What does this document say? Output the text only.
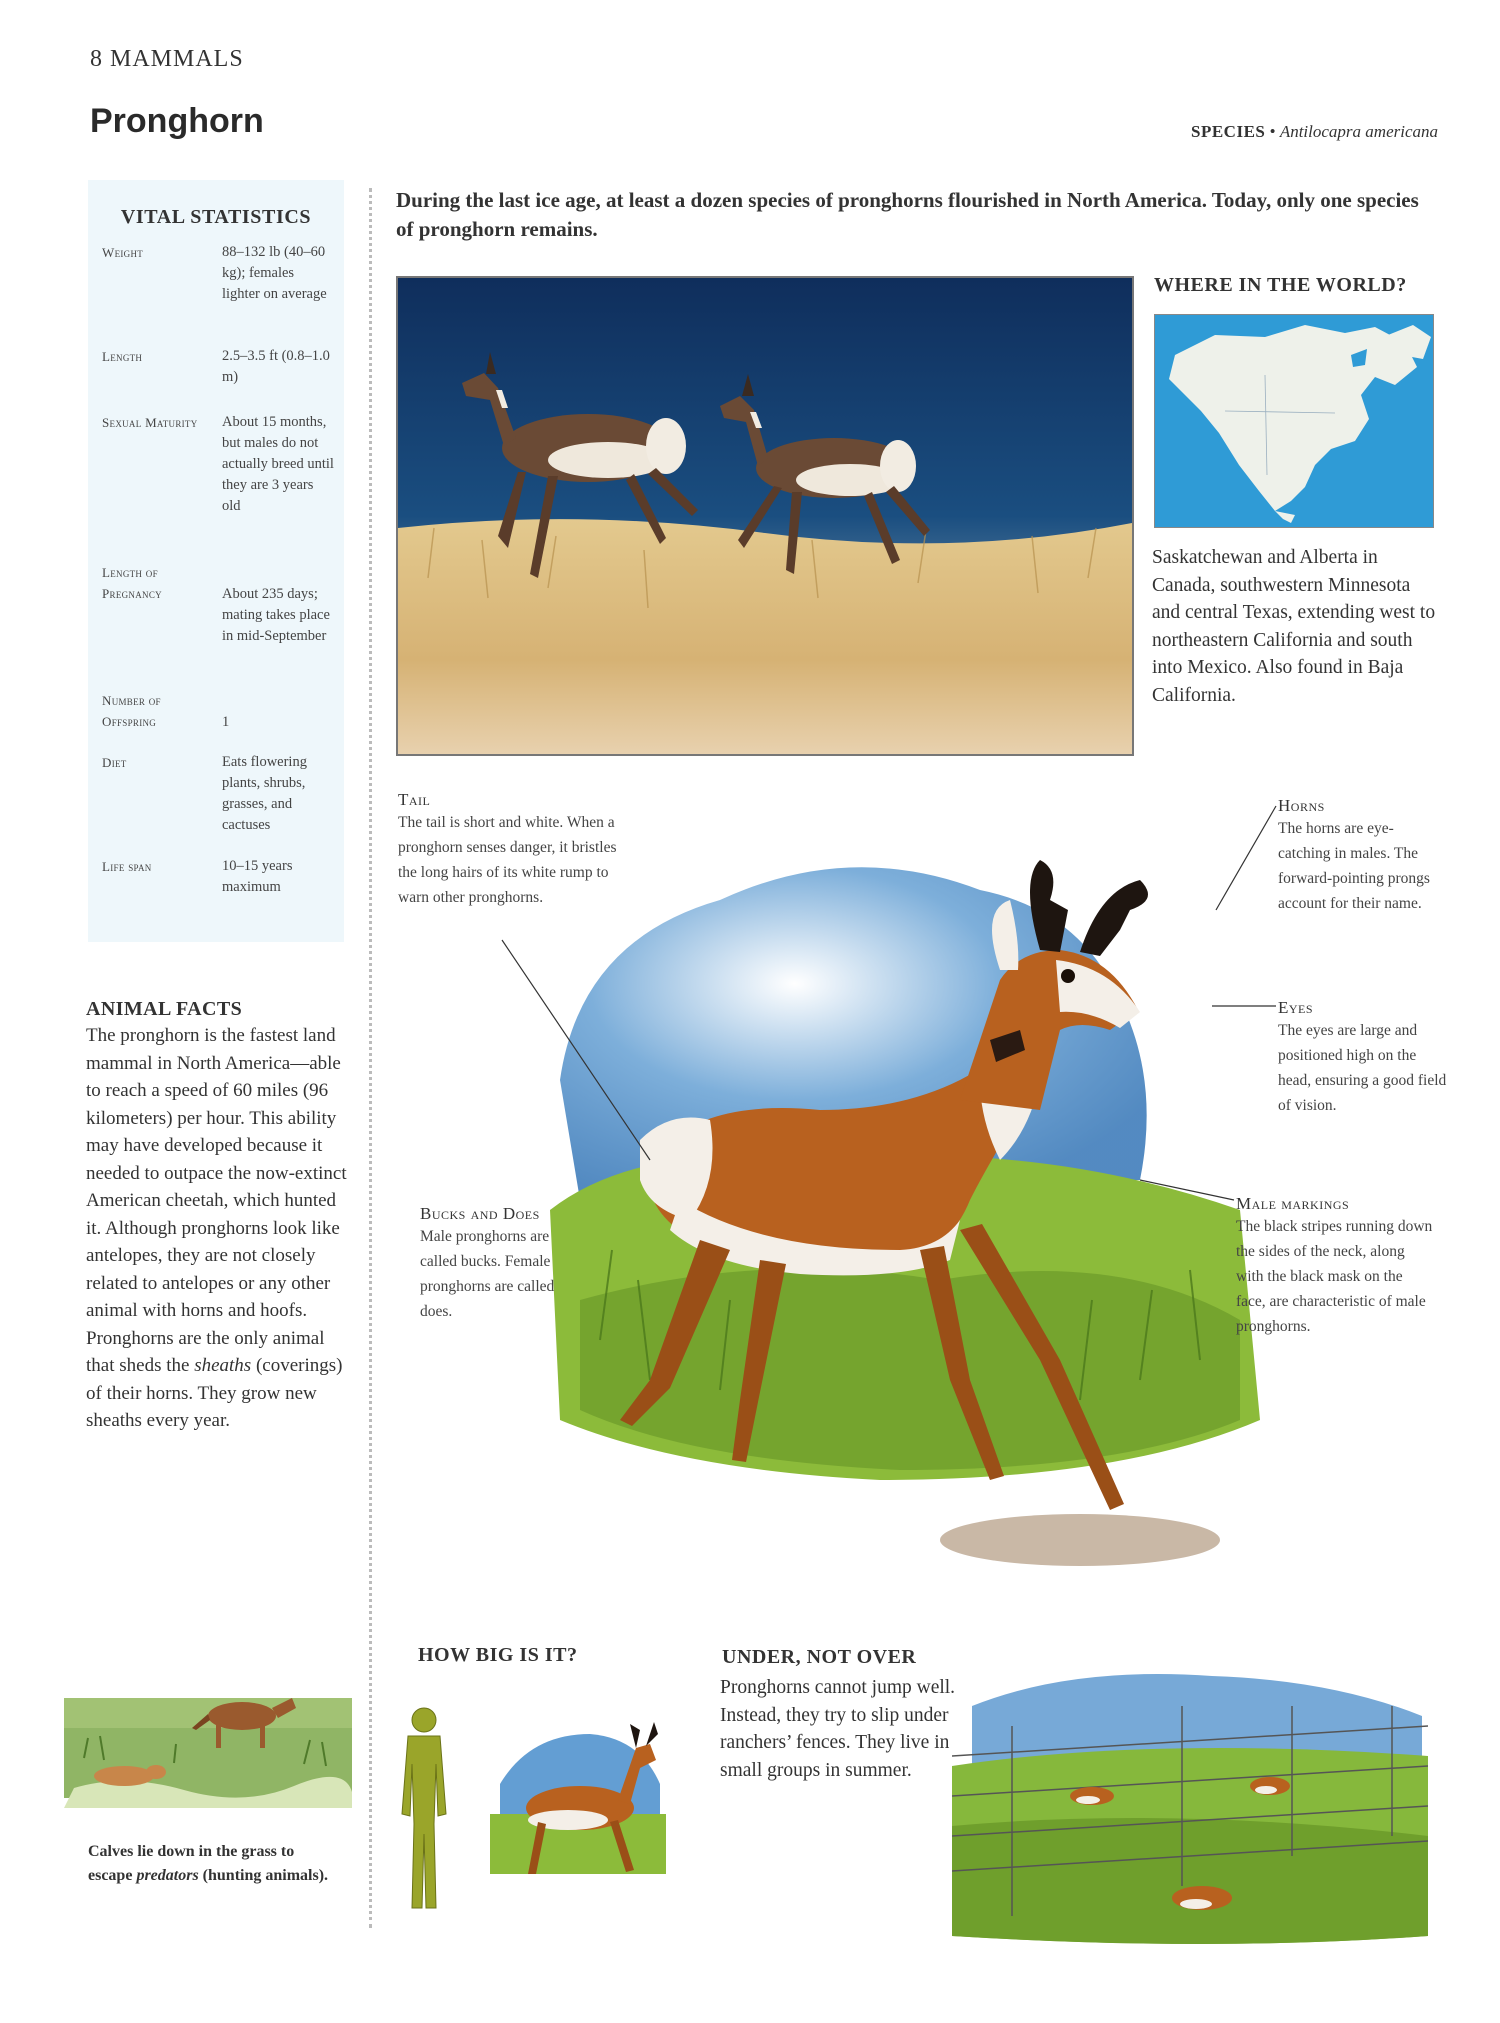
8 MAMMALS
Pronghorn	SPECIES • Antilocapra americana
VITAL STATISTICS
Weight	88–132 lb (40–60 kg); females lighter on average
Length	2.5–3.5 ft (0.8–1.0 m)
Sexual Maturity	About 15 months, but males do not actually breed until they are 3 years old
Length of Pregnancy	About 235 days; mating takes place in mid-September
Number of Offspring	1
Diet	Eats flowering plants, shrubs, grasses, and cactuses
Life span	10–15 years maximum
ANIMAL FACTS
The pronghorn is the fastest land mammal in North America—able to reach a speed of 60 miles (96 kilometers) per hour. This ability may have developed because it needed to outpace the now-extinct American cheetah, which hunted it. Although pronghorns look like antelopes, they are not closely related to antelopes or any other animal with horns and hoofs. Pronghorns are the only animal that sheds the sheaths (coverings) of their horns. They grow new sheaths every year.
Calves lie down in the grass to escape predators (hunting animals).
During the last ice age, at least a dozen species of pronghorns flourished in North America. Today, only one species of pronghorn remains.
WHERE IN THE WORLD?
Saskatchewan and Alberta in Canada, southwestern Minnesota and central Texas, extending west to northeastern California and south into Mexico. Also found in Baja California.
Tail
The tail is short and white. When a pronghorn senses danger, it bristles the long hairs of its white rump to warn other pronghorns.
Horns
The horns are eye-catching in males. The forward-pointing prongs account for their name.
Eyes
The eyes are large and positioned high on the head, ensuring a good field of vision.
Male markings
The black stripes running down the sides of the neck, along with the black mask on the face, are characteristic of male pronghorns.
Bucks and Does
Male pronghorns are called bucks. Female pronghorns are called does.
HOW BIG IS IT?	UNDER, NOT OVER
Pronghorns cannot jump well. Instead, they try to slip under ranchers’ fences. They live in small groups in summer.
